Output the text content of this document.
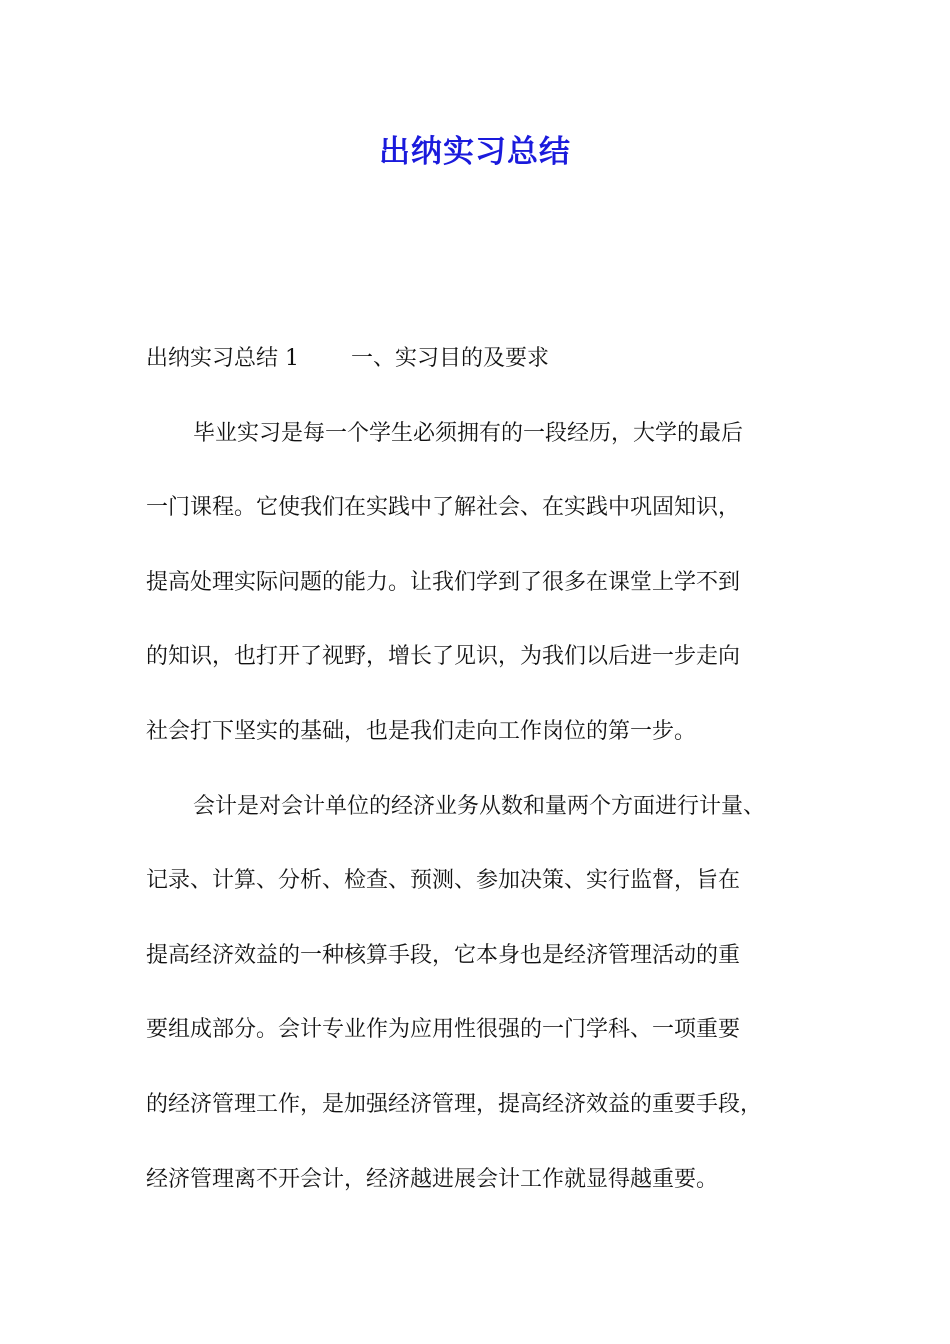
出纳实习总结
出纳实习总结 1 一、实习目的及要求
毕业实习是每一个学生必须拥有的一段经历，大学的最后
一门课程。它使我们在实践中了解社会、在实践中巩固知识，
提高处理实际问题的能力。让我们学到了很多在课堂上学不到
的知识，也打开了视野，增长了见识，为我们以后进一步走向
社会打下坚实的基础，也是我们走向工作岗位的第一步。
会计是对会计单位的经济业务从数和量两个方面进行计量、
记录、计算、分析、检查、预测、参加决策、实行监督，旨在
提高经济效益的一种核算手段，它本身也是经济管理活动的重
要组成部分。会计专业作为应用性很强的一门学科、一项重要
的经济管理工作，是加强经济管理，提高经济效益的重要手段，
经济管理离不开会计，经济越进展会计工作就显得越重要。
